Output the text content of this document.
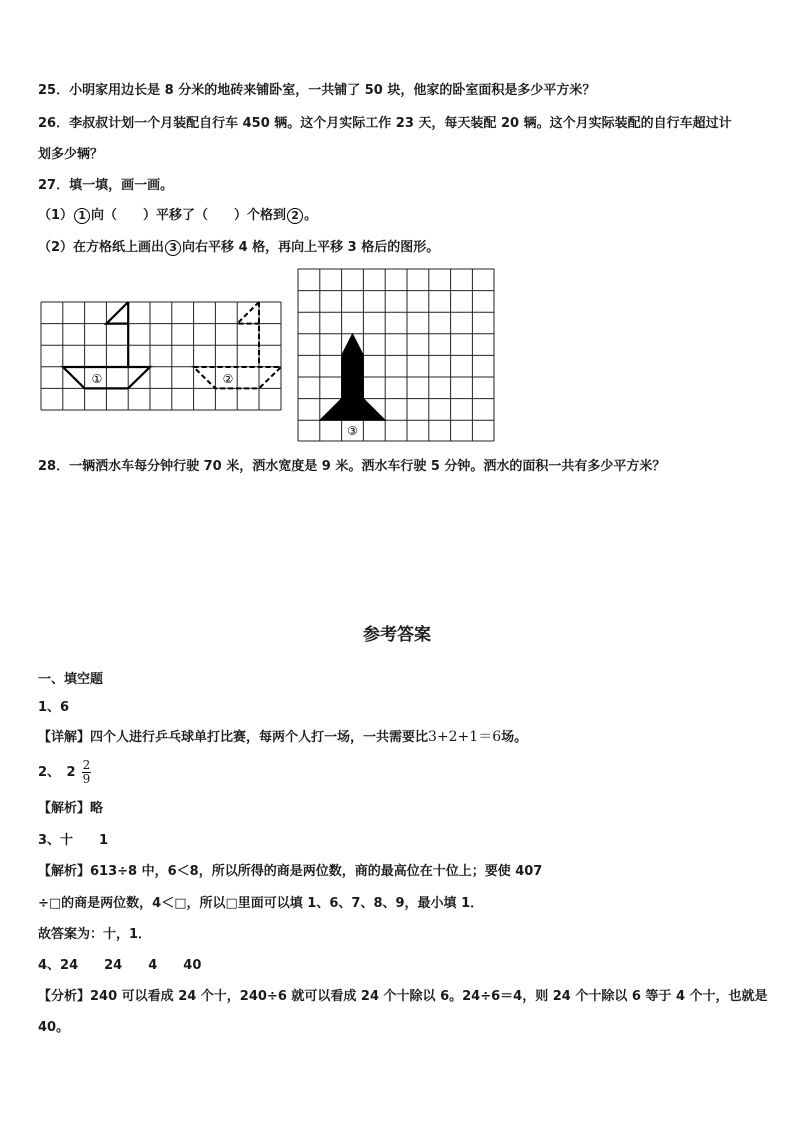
25．小明家用边长是 8 分米的地砖来铺卧室，一共铺了 50 块，他家的卧室面积是多少平方米？
26．李叔叔计划一个月装配自行车 450 辆。这个月实际工作 23 天，每天装配 20 辆。这个月实际装配的自行车超过计
划多少辆？
27．填一填，画一画。
（1） 1 向（　　）平移了（　　）个格到 2 。
（2）在方格纸上画出 3 向右平移 4 格，再向上平移 3 格后的图形。
①	②
③
28．一辆洒水车每分钟行驶 70 米，洒水宽度是 9 米。洒水车行驶 5 分钟。洒水的面积一共有多少平方米？
参考答案
一、填空题
1、6
【详解】四个人进行乒乓球单打比赛，每两个人打一场，一共需要比3+2+1＝6场。
2、　$2 \frac{2}{9}$
【解析】略
3、十　　1
【解析】613÷8 中，6＜8，所以所得的商是两位数，商的最高位在十位上；要使 407
÷□的商是两位数，4＜□，所以□里面可以填 1、6、7、8、9，最小填 1．
故答案为：十，1．
4、24　　24　　4　　40
【分析】240 可以看成 24 个十，240÷6 就可以看成 24 个十除以 6。24÷6＝4，则 24 个十除以 6 等于 4 个十，也就是
40。
